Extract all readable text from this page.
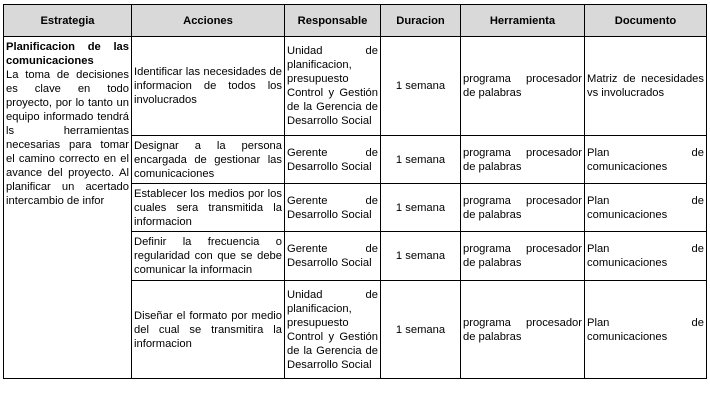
Estrategia	Acciones	Responsable	Duracion	Herramienta	Documento

Planificacion de las comunicaciones
La toma de decisiones es clave en todo proyecto, por lo tanto un equipo informado tendrá ls herramientas necesarias para tomar el camino correcto en el avance del proyecto. Al planificar un acertado intercambio de infor	Identificar las necesidades de informacion de todos los involucrados	Unidad de planificacion, presupuesto Control y Gestión de la Gerencia de Desarrollo Social	1 semana	programa procesador de palabras	Matriz de necesidades vs involucrados
	Designar a la persona encargada de gestionar las comunicaciones	Gerente de Desarrollo Social	1 semana	programa procesador de palabras	Plan de comunicaciones
	Establecer los medios por los cuales sera transmitida la informacion	Gerente de Desarrollo Social	1 semana	programa procesador de palabras	Plan de comunicaciones
	Definir la frecuencia o regularidad con que se debe comunicar la informacin	Gerente de Desarrollo Social	1 semana	programa procesador de palabras	Plan de comunicaciones
	Diseñar el formato por medio del cual se transmitira la informacion	Unidad de planificacion, presupuesto Control y Gestión de la Gerencia de Desarrollo Social	1 semana	programa procesador de palabras	Plan de comunicaciones
